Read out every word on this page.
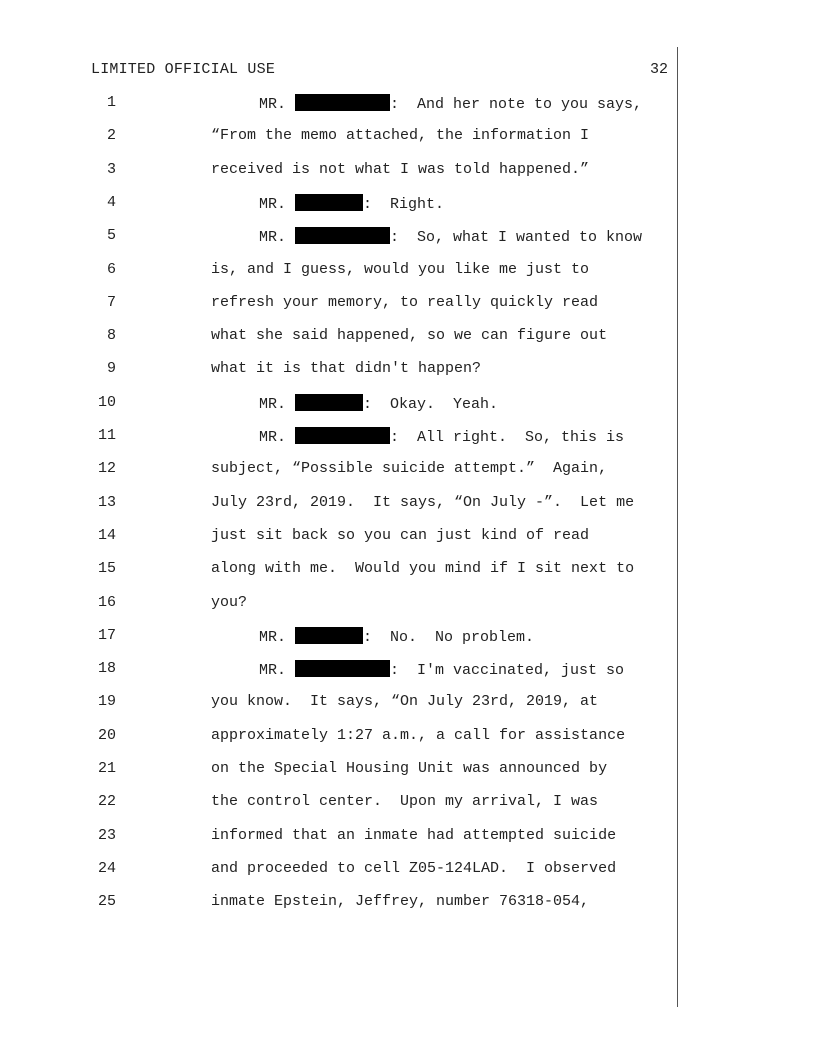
LIMITED OFFICIAL USE	32
1	MR.	:  And her note to you says,
2	“From the memo attached, the information I
3	received is not what I was told happened.”
4	MR.	:  Right.
5	MR.	:  So, what I wanted to know
6	is, and I guess, would you like me just to
7	refresh your memory, to really quickly read
8	what she said happened, so we can figure out
9	what it is that didn't happen?
10	MR.	:  Okay.  Yeah.
11	MR.	:  All right.  So, this is
12	subject, “Possible suicide attempt.”  Again,
13	July 23rd, 2019.  It says, “On July -”.  Let me
14	just sit back so you can just kind of read
15	along with me.  Would you mind if I sit next to
16	you?
17	MR.	:  No.  No problem.
18	MR.	:  I'm vaccinated, just so
19	you know.  It says, “On July 23rd, 2019, at
20	approximately 1:27 a.m., a call for assistance
21	on the Special Housing Unit was announced by
22	the control center.  Upon my arrival, I was
23	informed that an inmate had attempted suicide
24	and proceeded to cell Z05-124LAD.  I observed
25	inmate Epstein, Jeffrey, number 76318-054,
